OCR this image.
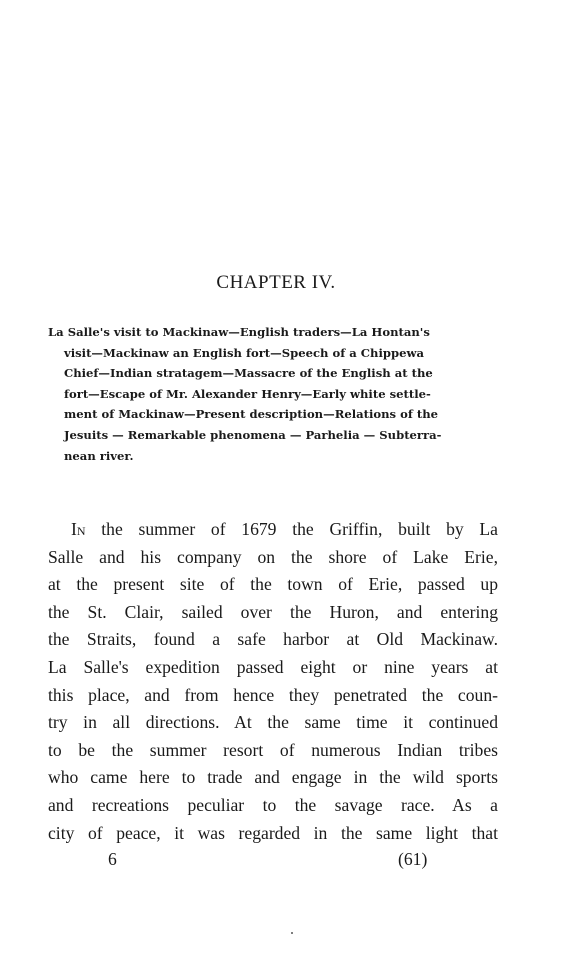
CHAPTER IV.
La Salle's visit to Mackinaw—English traders—La Hontan's
visit—Mackinaw an English fort—Speech of a Chippewa
Chief—Indian stratagem—Massacre of the English at the
fort—Escape of Mr. Alexander Henry—Early white settle-
ment of Mackinaw—Present description—Relations of the
Jesuits — Remarkable phenomena — Parhelia — Subterra-
nean river.
In the summer of 1679 the Griffin, built by La
Salle and his company on the shore of Lake Erie,
at the present site of the town of Erie, passed up
the St. Clair, sailed over the Huron, and entering
the Straits, found a safe harbor at Old Mackinaw.
La Salle's expedition passed eight or nine years at
this place, and from hence they penetrated the coun-
try in all directions. At the same time it continued
to be the summer resort of numerous Indian tribes
who came here to trade and engage in the wild sports
and recreations peculiar to the savage race. As a
city of peace, it was regarded in the same light that
6	(61)
